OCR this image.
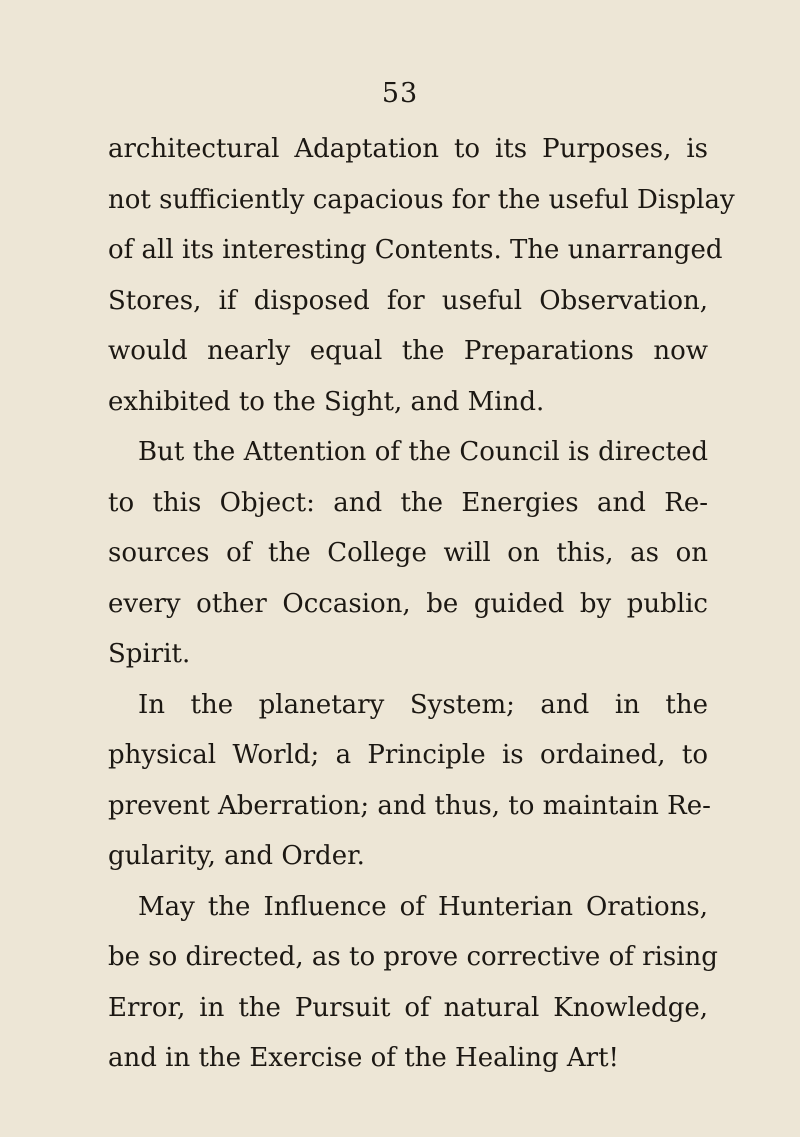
53
architectural Adaptation to its Purposes, is
not sufficiently capacious for the useful Display
of all its interesting Contents. The unarranged
Stores, if disposed for useful Observation,
would nearly equal the Preparations now
exhibited to the Sight, and Mind.
But the Attention of the Council is directed
to this Object: and the Energies and Re-
sources of the College will on this, as on
every other Occasion, be guided by public
Spirit.
In the planetary System; and in the
physical World; a Principle is ordained, to
prevent Aberration; and thus, to maintain Re-
gularity, and Order.
May the Influence of Hunterian Orations,
be so directed, as to prove corrective of rising
Error, in the Pursuit of natural Knowledge,
and in the Exercise of the Healing Art!
